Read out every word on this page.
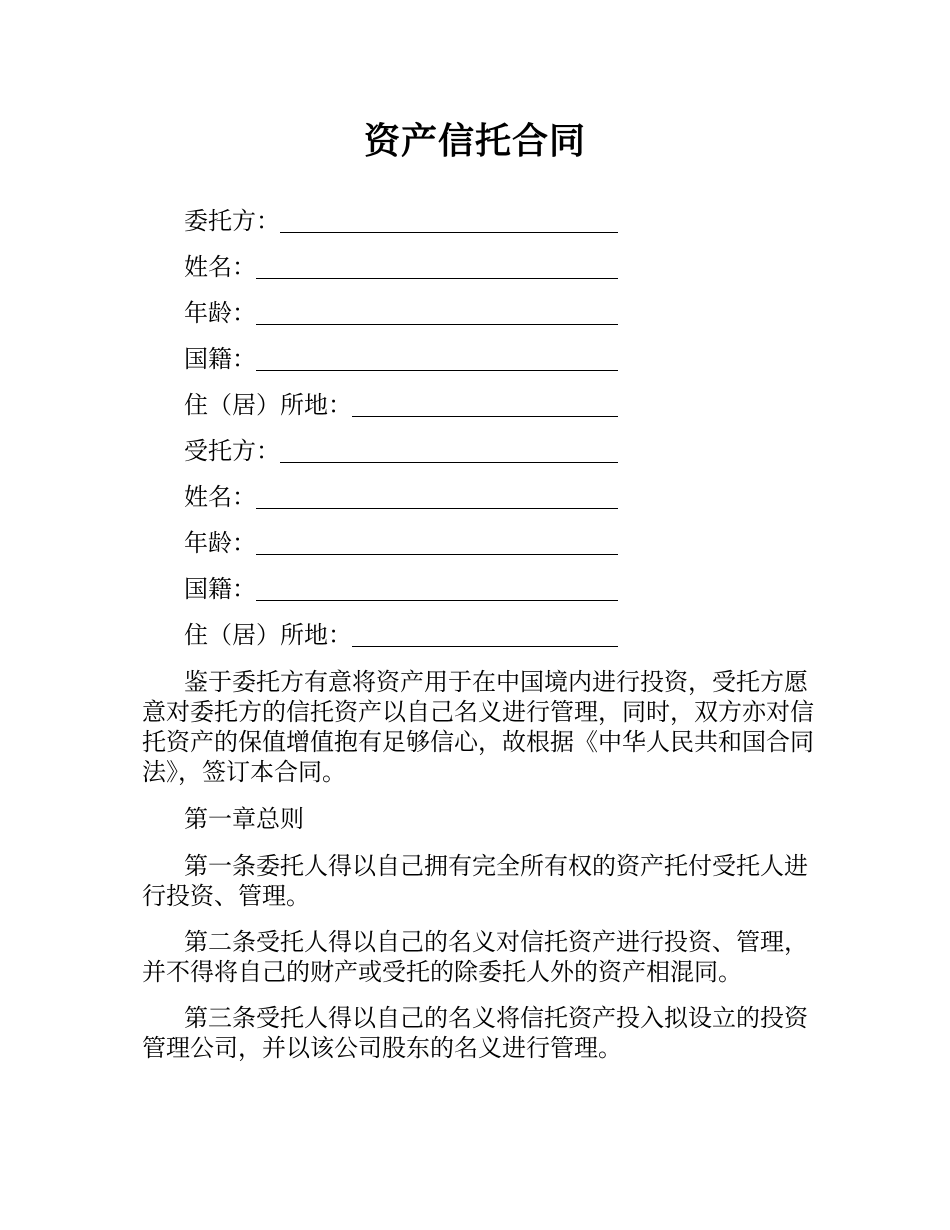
资产信托合同
委托方：
姓名：
年龄：
国籍：
住（居）所地：
受托方：
姓名：
年龄：
国籍：
住（居）所地：

鉴于委托方有意将资产用于在中国境内进行投资，受托方愿意对委托方的信托资产以自己名义进行管理，同时，双方亦对信托资产的保值增值抱有足够信心，故根据《中华人民共和国合同法》，签订本合同。

第一章总则

第一条委托人得以自己拥有完全所有权的资产托付受托人进行投资、管理。

第二条受托人得以自己的名义对信托资产进行投资、管理，并不得将自己的财产或受托的除委托人外的资产相混同。

第三条受托人得以自己的名义将信托资产投入拟设立的投资管理公司，并以该公司股东的名义进行管理。
